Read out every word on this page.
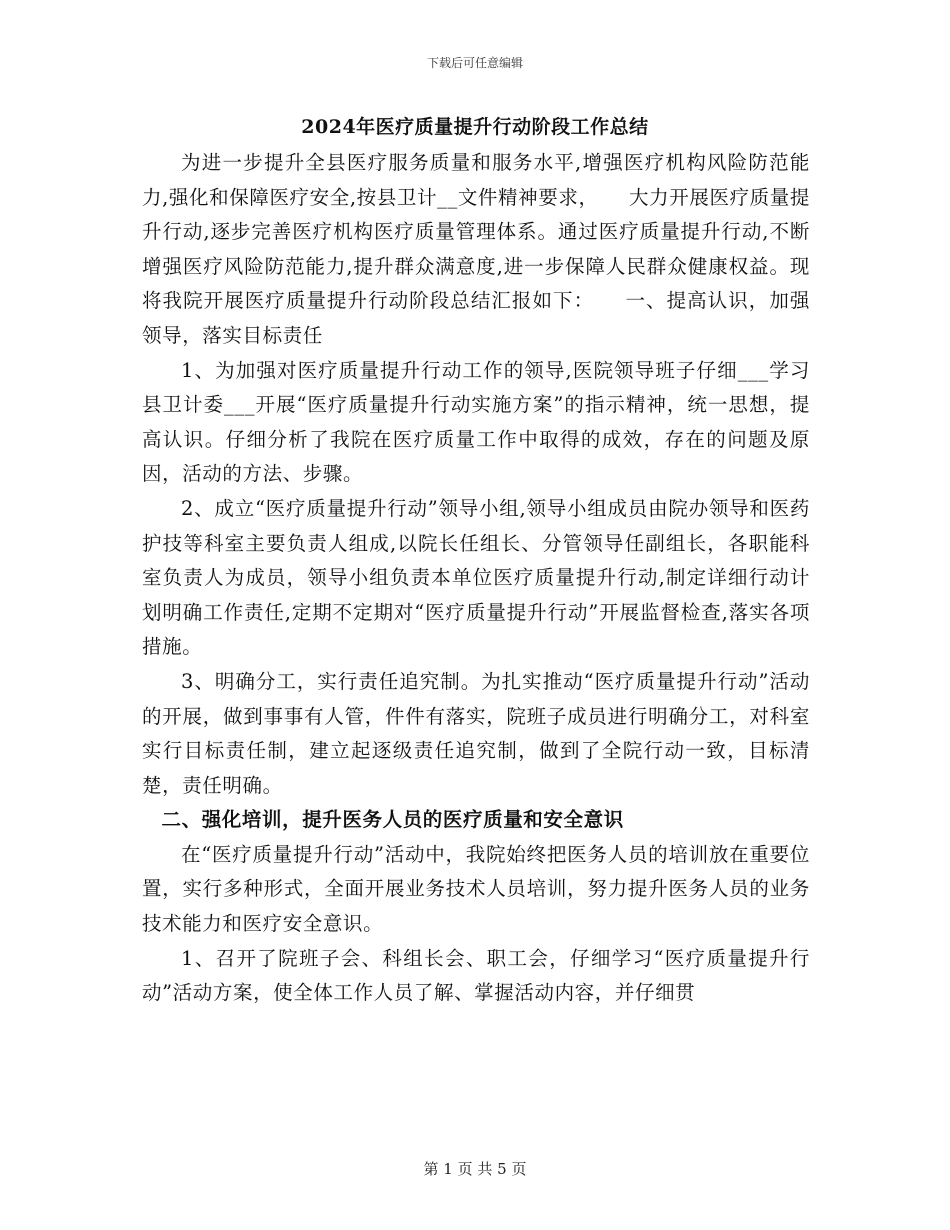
下载后可任意编辑
2024年医疗质量提升行动阶段工作总结

为进一步提升全县医疗服务质量和服务水平,增强医疗机构风险防范能力,强化和保障医疗安全,按县卫计__文件精神要求，　　大力开展医疗质量提升行动,逐步完善医疗机构医疗质量管理体系。通过医疗质量提升行动,不断增强医疗风险防范能力,提升群众满意度,进一步保障人民群众健康权益。现将我院开展医疗质量提升行动阶段总结汇报如下：　　一、提高认识，加强领导，落实目标责任

1、为加强对医疗质量提升行动工作的领导,医院领导班子仔细___学习县卫计委___开展“医疗质量提升行动实施方案”的指示精神，统一思想，提高认识。仔细分析了我院在医疗质量工作中取得的成效，存在的问题及原因，活动的方法、步骤。

2、成立“医疗质量提升行动”领导小组,领导小组成员由院办领导和医药护技等科室主要负责人组成,以院长任组长、分管领导任副组长，各职能科室负责人为成员，领导小组负责本单位医疗质量提升行动,制定详细行动计划明确工作责任,定期不定期对“医疗质量提升行动”开展监督检查,落实各项措施。

3、明确分工，实行责任追究制。为扎实推动“医疗质量提升行动”活动的开展，做到事事有人管，件件有落实，院班子成员进行明确分工，对科室实行目标责任制，建立起逐级责任追究制，做到了全院行动一致，目标清楚，责任明确。

二、强化培训，提升医务人员的医疗质量和安全意识

在“医疗质量提升行动”活动中，我院始终把医务人员的培训放在重要位置，实行多种形式，全面开展业务技术人员培训，努力提升医务人员的业务技术能力和医疗安全意识。

1、召开了院班子会、科组长会、职工会，仔细学习“医疗质量提升行动”活动方案，使全体工作人员了解、掌握活动内容，并仔细贯

第 1 页 共 5 页
